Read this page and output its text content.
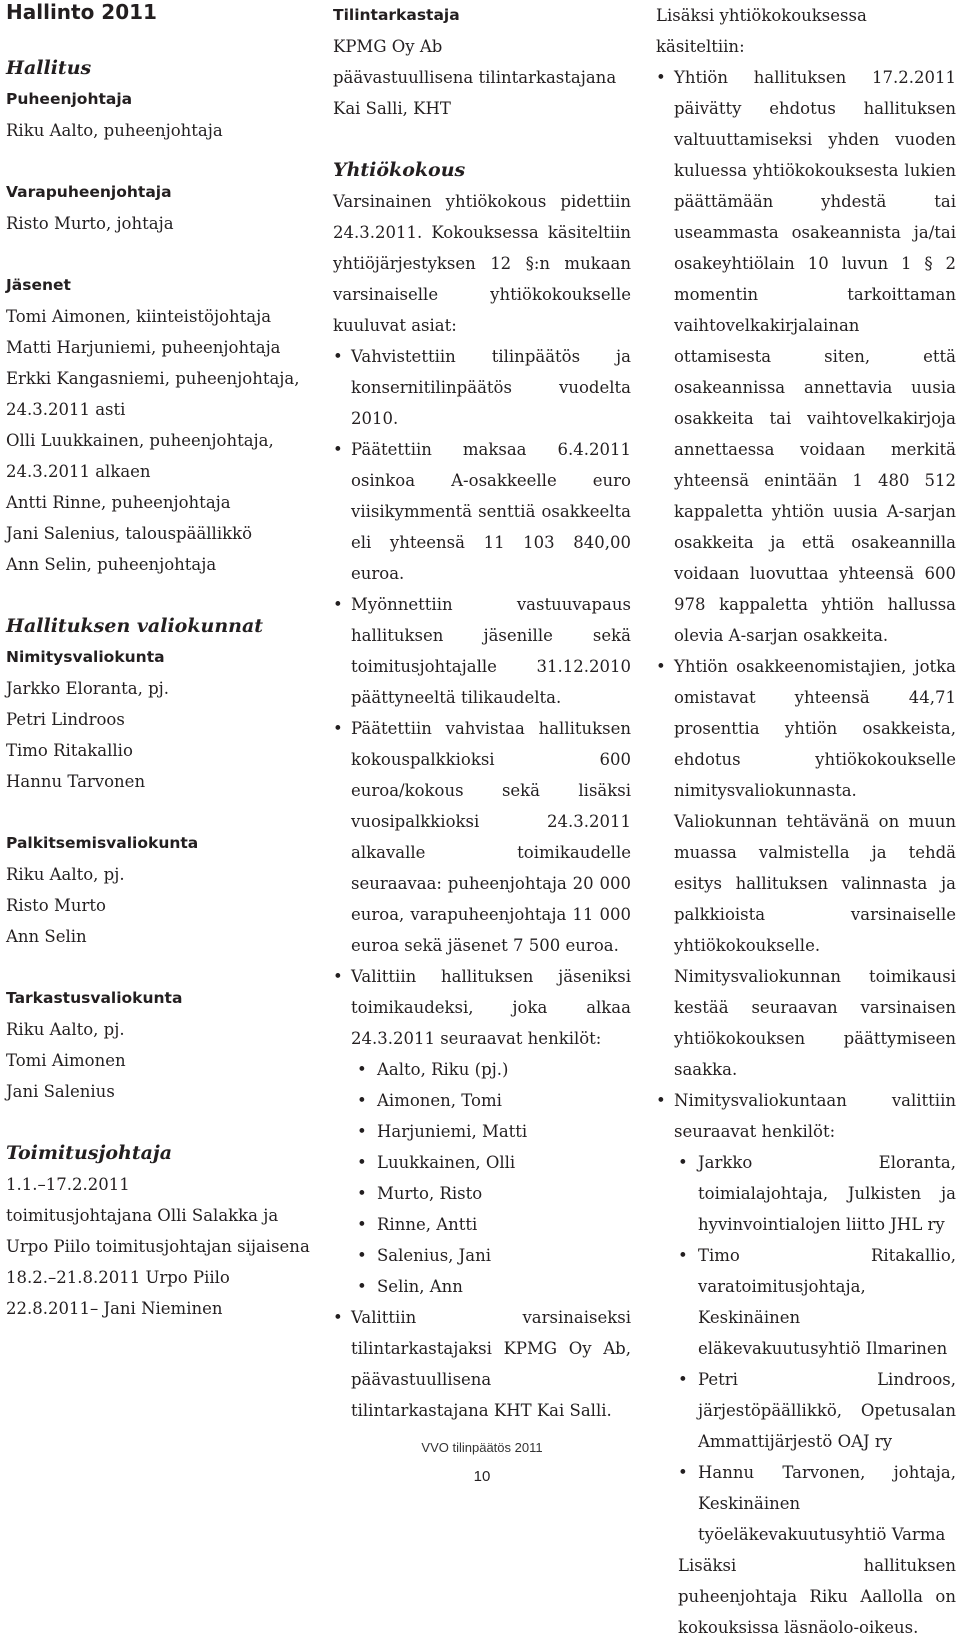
Hallinto 2011
Hallitus
Puheenjohtaja

Riku Aalto, puheenjohtaja

Varapuheenjohtaja

Risto Murto, johtaja

Jäsenet

Tomi Aimonen, kiinteistöjohtaja

Matti Harjuniemi, puheenjohtaja

Erkki Kangasniemi, puheenjohtaja,

24.3.2011 asti

Olli Luukkainen, puheenjohtaja,

24.3.2011 alkaen

Antti Rinne, puheenjohtaja

Jani Salenius, talouspäällikkö

Ann Selin, puheenjohtaja

Hallituksen valiokunnat
Nimitysvaliokunta

Jarkko Eloranta, pj.

Petri Lindroos

Timo Ritakallio

Hannu Tarvonen

Palkitsemisvaliokunta

Riku Aalto, pj.

Risto Murto

Ann Selin

Tarkastusvaliokunta

Riku Aalto, pj.

Tomi Aimonen

Jani Salenius

Toimitusjohtaja

1.1.–17.2.2011

toimitusjohtajana Olli Salakka ja

Urpo Piilo toimitusjohtajan sijaisena

18.2.–21.8.2011 Urpo Piilo

22.8.2011– Jani Nieminen

Tilintarkastaja

KPMG Oy Ab

päävastuullisena tilintarkastajana

Kai Salli, KHT

Yhtiökokous

Varsinainen yhtiökokous pidettiin 24.3.2011. Kokouksessa käsiteltiin yhtiöjärjestyksen 12 §:n mukaan varsinaiselle yhtiökokoukselle kuuluvat asiat:

• Vahvistettiin tilinpäätös ja konsernitilinpäätös vuodelta 2010.
• Päätettiin maksaa 6.4.2011 osinkoa A-osakkeelle euro viisikymmentä senttiä osakkeelta eli yhteensä 11 103 840,00 euroa.
• Myönnettiin vastuuvapaus hallituksen jäsenille sekä toimitusjohtajalle 31.12.2010 päättyneeltä tilikaudelta.
• Päätettiin vahvistaa hallituksen kokouspalkkioksi 600 euroa/kokous sekä lisäksi vuosipalkkioksi 24.3.2011 alkavalle toimikaudelle seuraavaa: puheenjohtaja 20 000 euroa, varapuheenjohtaja 11 000 euroa sekä jäsenet 7 500 euroa.
• Valittiin hallituksen jäseniksi toimikaudeksi, joka alkaa 24.3.2011 seuraavat henkilöt:
• Aalto, Riku (pj.)
• Aimonen, Tomi
• Harjuniemi, Matti
• Luukkainen, Olli
• Murto, Risto
• Rinne, Antti
• Salenius, Jani
• Selin, Ann
• Valittiin varsinaiseksi tilintarkastajaksi KPMG Oy Ab, päävastuullisena tilintarkastajana KHT Kai Salli.

Lisäksi yhtiökokouksessa käsiteltiin:

• Yhtiön hallituksen 17.2.2011 päivätty ehdotus hallituksen valtuuttamiseksi yhden vuoden kuluessa yhtiökokouksesta lukien päättämään yhdestä tai useammasta osakeannista ja/tai osakeyhtiölain 10 luvun 1 § 2 momentin tarkoittaman vaihtovelkakirjalainan ottamisesta siten, että osakeannissa annettavia uusia osakkeita tai vaihtovelkakirjoja annettaessa voidaan merkitä yhteensä enintään 1 480 512 kappaletta yhtiön uusia A-sarjan osakkeita ja että osakeannilla voidaan luovuttaa yhteensä 600 978 kappaletta yhtiön hallussa olevia A-sarjan osakkeita.
• Yhtiön osakkeenomistajien, jotka omistavat yhteensä 44,71 prosenttia yhtiön osakkeista, ehdotus yhtiökokoukselle nimitysvaliokunnasta. Valiokunnan tehtävänä on muun muassa valmistella ja tehdä esitys hallituksen valinnasta ja palkkioista varsinaiselle yhtiökokoukselle. Nimitysvaliokunnan toimikausi kestää seuraavan varsinaisen yhtiökokouksen päättymiseen saakka.
• Nimitysvaliokuntaan valittiin seuraavat henkilöt:
• Jarkko Eloranta, toimialajohtaja, Julkisten ja hyvinvointialojen liitto JHL ry
• Timo Ritakallio, varatoimitusjohtaja, Keskinäinen eläkevakuutusyhtiö Ilmarinen
• Petri Lindroos, järjestöpäällikkö, Opetusalan Ammattijärjestö OAJ ry
• Hannu Tarvonen, johtaja, Keskinäinen työeläkevakuutusyhtiö Varma

Lisäksi hallituksen puheenjohtaja Riku Aallolla on kokouksissa läsnäolo-oikeus.

VVO tilinpäätös 2011
10
